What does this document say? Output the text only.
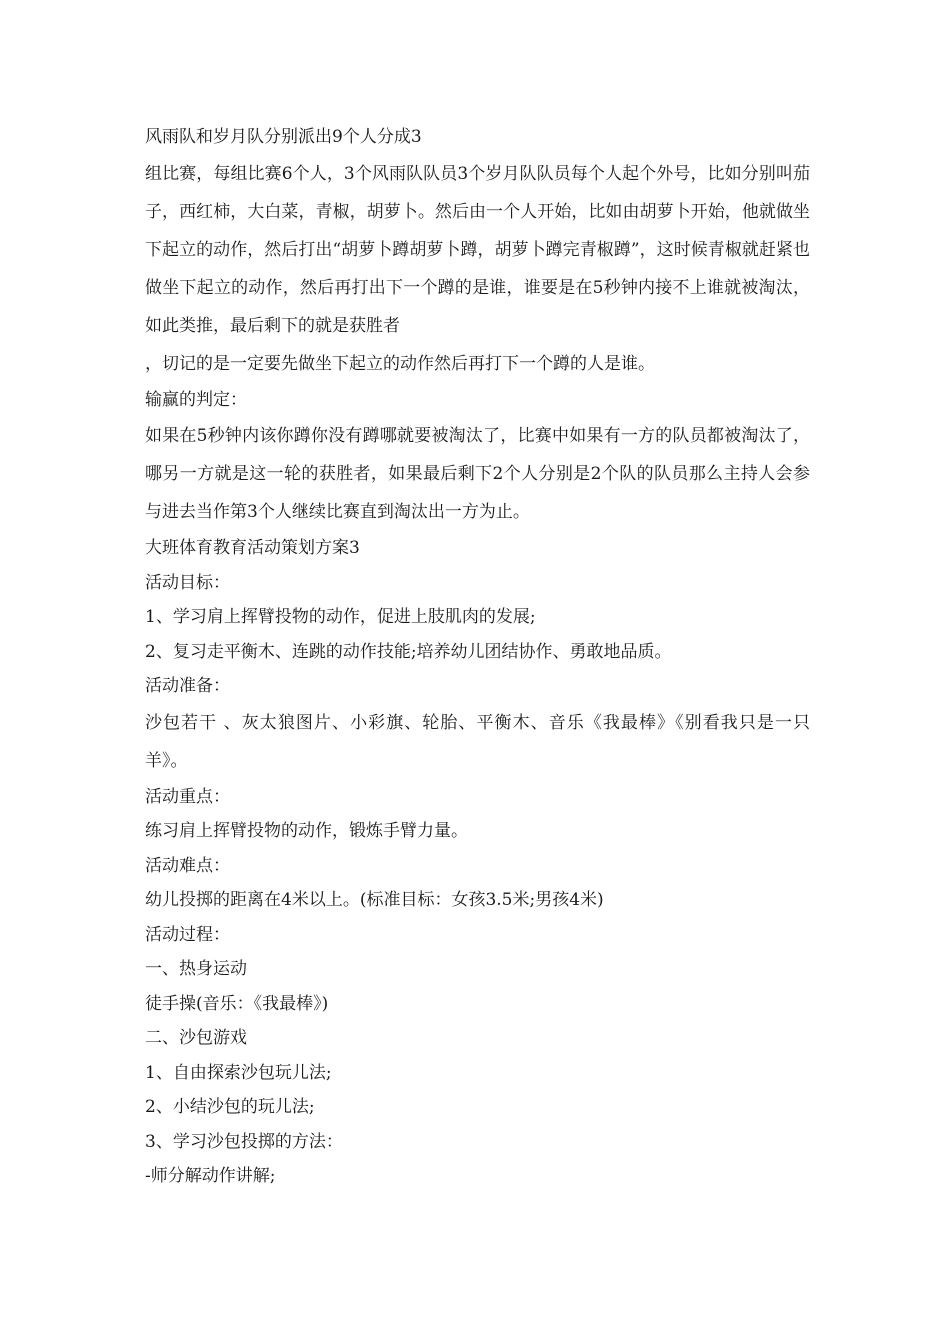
风雨队和岁月队分别派出9个人分成3

组比赛，每组比赛6个人，3个风雨队队员3个岁月队队员每个人起个外号，比如分别叫茄子，西红柿，大白菜，青椒，胡萝卜。然后由一个人开始，比如由胡萝卜开始，他就做坐下起立的动作，然后打出“胡萝卜蹲胡萝卜蹲，胡萝卜蹲完青椒蹲”，这时候青椒就赶紧也做坐下起立的动作，然后再打出下一个蹲的是谁，谁要是在5秒钟内接不上谁就被淘汰，如此类推，最后剩下的就是获胜者

，切记的是一定要先做坐下起立的动作然后再打下一个蹲的人是谁。

输赢的判定：

如果在5秒钟内该你蹲你没有蹲哪就要被淘汰了，比赛中如果有一方的队员都被淘汰了，哪另一方就是这一轮的获胜者，如果最后剩下2个人分别是2个队的队员那么主持人会参与进去当作第3个人继续比赛直到淘汰出一方为止。

大班体育教育活动策划方案3

活动目标：

1、学习肩上挥臂投物的动作，促进上肢肌肉的发展;

2、复习走平衡木、连跳的动作技能;培养幼儿团结协作、勇敢地品质。

活动准备：

沙包若干 、灰太狼图片、小彩旗、轮胎、平衡木、音乐《我最棒》《别看我只是一只羊》。

活动重点：

练习肩上挥臂投物的动作，锻炼手臂力量。

活动难点：

幼儿投掷的距离在4米以上。(标准目标：女孩3.5米;男孩4米)

活动过程：

一、热身运动

徒手操(音乐：《我最棒》)

二、沙包游戏

1、自由探索沙包玩儿法;

2、小结沙包的玩儿法;

3、学习沙包投掷的方法：

-师分解动作讲解;
